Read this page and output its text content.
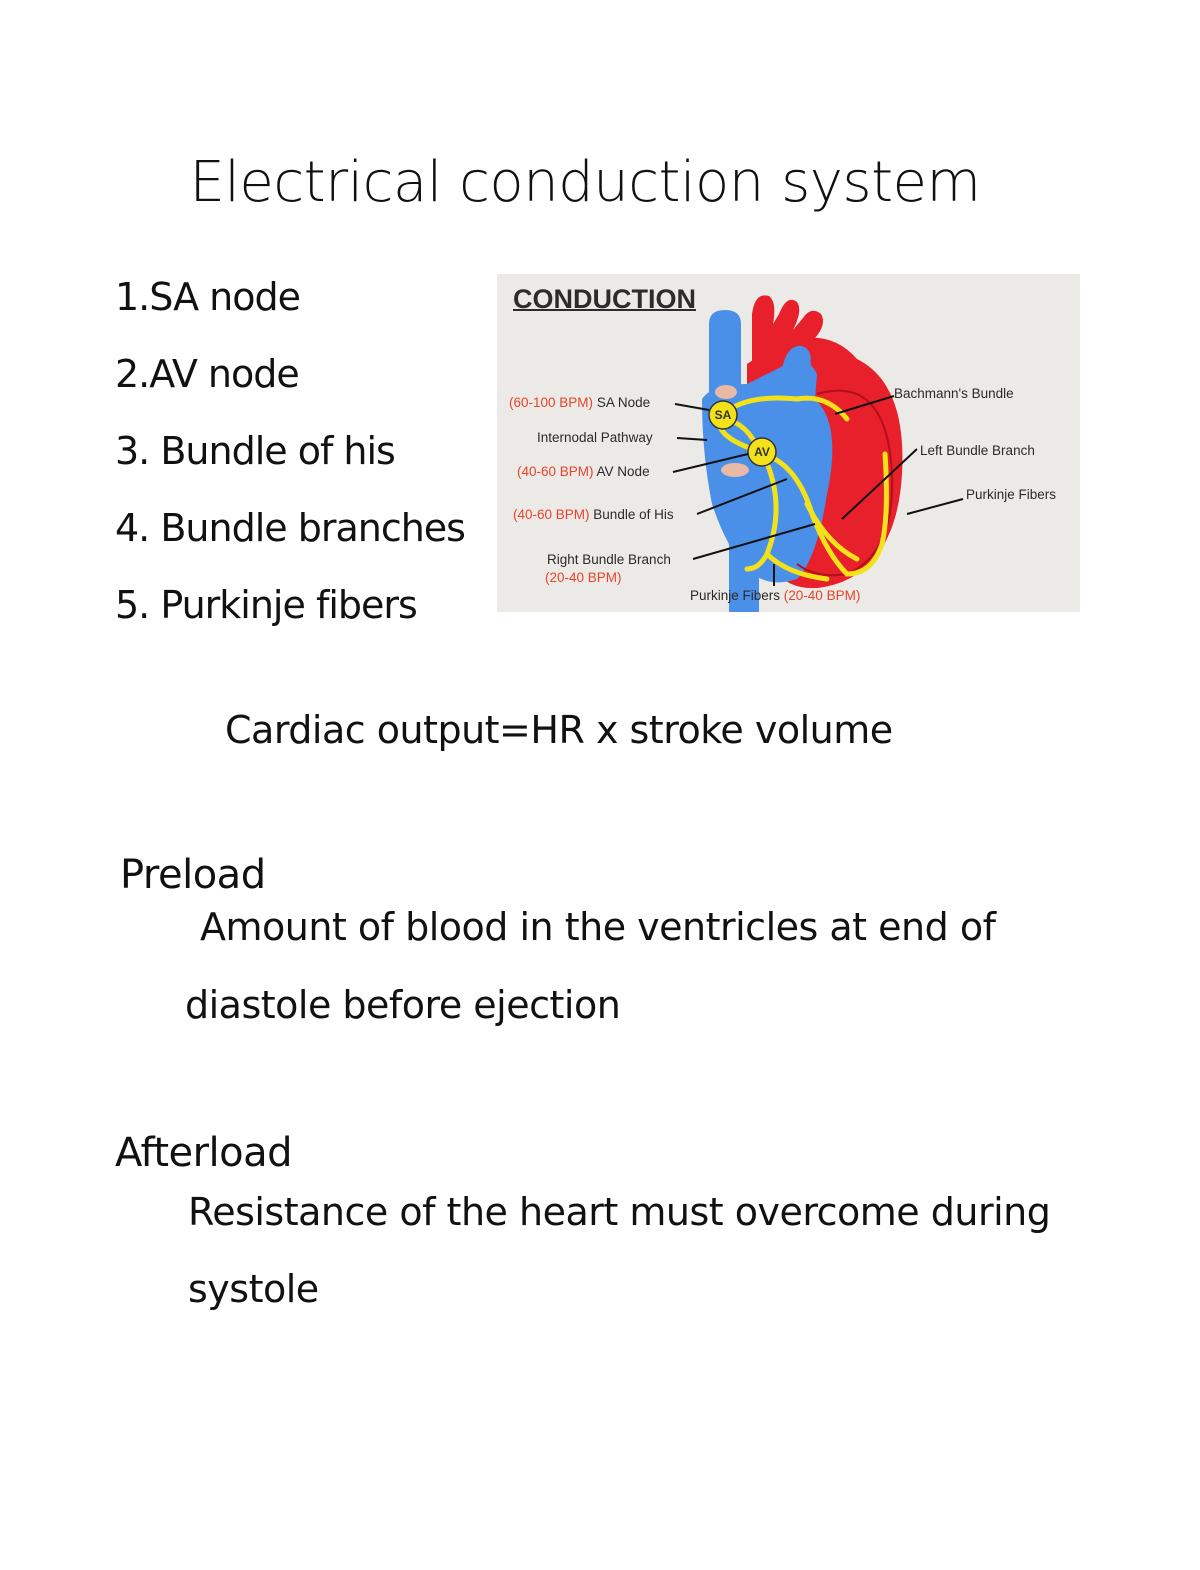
Electrical conduction system
1.SA node
2.AV node
3. Bundle of his
4. Bundle branches
5. Purkinje fibers
SA
AV
CONDUCTION
(60-100 BPM) SA Node
Internodal Pathway
(40-60 BPM) AV Node
(40-60 BPM) Bundle of His
Right Bundle Branch
(20-40 BPM)
Bachmann's Bundle
Left Bundle Branch
Purkinje Fibers
Purkinje Fibers (20-40 BPM)
Cardiac output=HR x stroke volume
Preload
Amount of blood in the ventricles at end of
diastole before ejection
Afterload
Resistance of the heart must overcome during
systole
